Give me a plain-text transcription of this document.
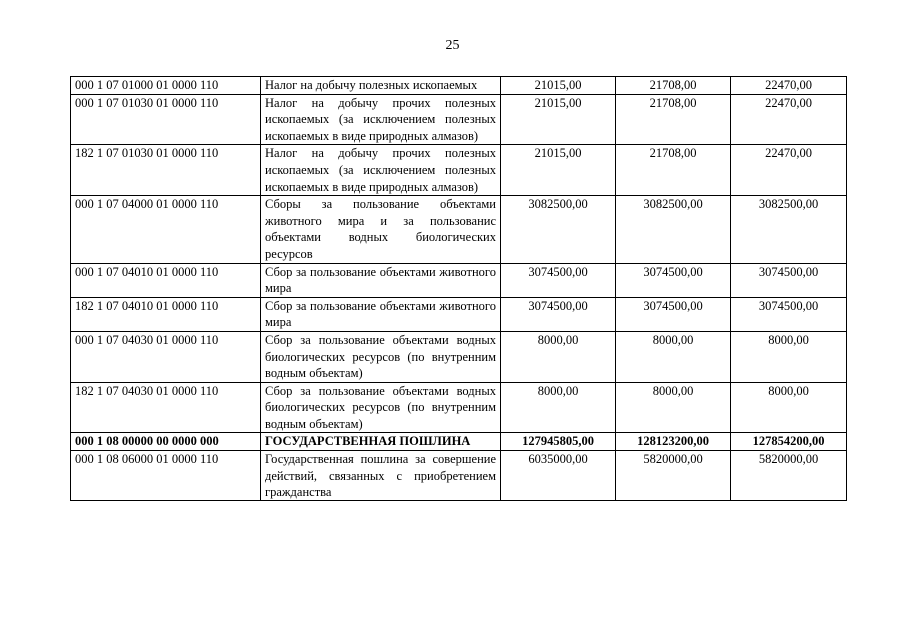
25
000 1 07 01000 01 0000 110	Налог на добычу полезных ископаемых	21015,00	21708,00	22470,00
000 1 07 01030 01 0000 110	Налог на добычу прочих полезных ископаемых (за исключением полезных ископаемых в виде природных алмазов)	21015,00	21708,00	22470,00
182 1 07 01030 01 0000 110	Налог на добычу прочих полезных ископаемых (за исключением полезных ископаемых в виде природных алмазов)	21015,00	21708,00	22470,00
000 1 07 04000 01 0000 110	Сборы за пользование объектами животного мира и за пользованис объектами водных биологических ресурсов	3082500,00	3082500,00	3082500,00
000 1 07 04010 01 0000 110	Сбор за пользование объектами животного мира	3074500,00	3074500,00	3074500,00
182 1 07 04010 01 0000 110	Сбор за пользование объектами животного мира	3074500,00	3074500,00	3074500,00
000 1 07 04030 01 0000 110	Сбор за пользование объектами водных биологических ресурсов (по внутренним водным объектам)	8000,00	8000,00	8000,00
182 1 07 04030 01 0000 110	Сбор за пользование объектами водных биологических ресурсов (по внутренним водным объектам)	8000,00	8000,00	8000,00
000 1 08 00000 00 0000 000	ГОСУДАРСТВЕННАЯ ПОШЛИНА	127945805,00	128123200,00	127854200,00
000 1 08 06000 01 0000 110	Государственная пошлина за совершение действий, связанных с приобретением гражданства	6035000,00	5820000,00	5820000,00
